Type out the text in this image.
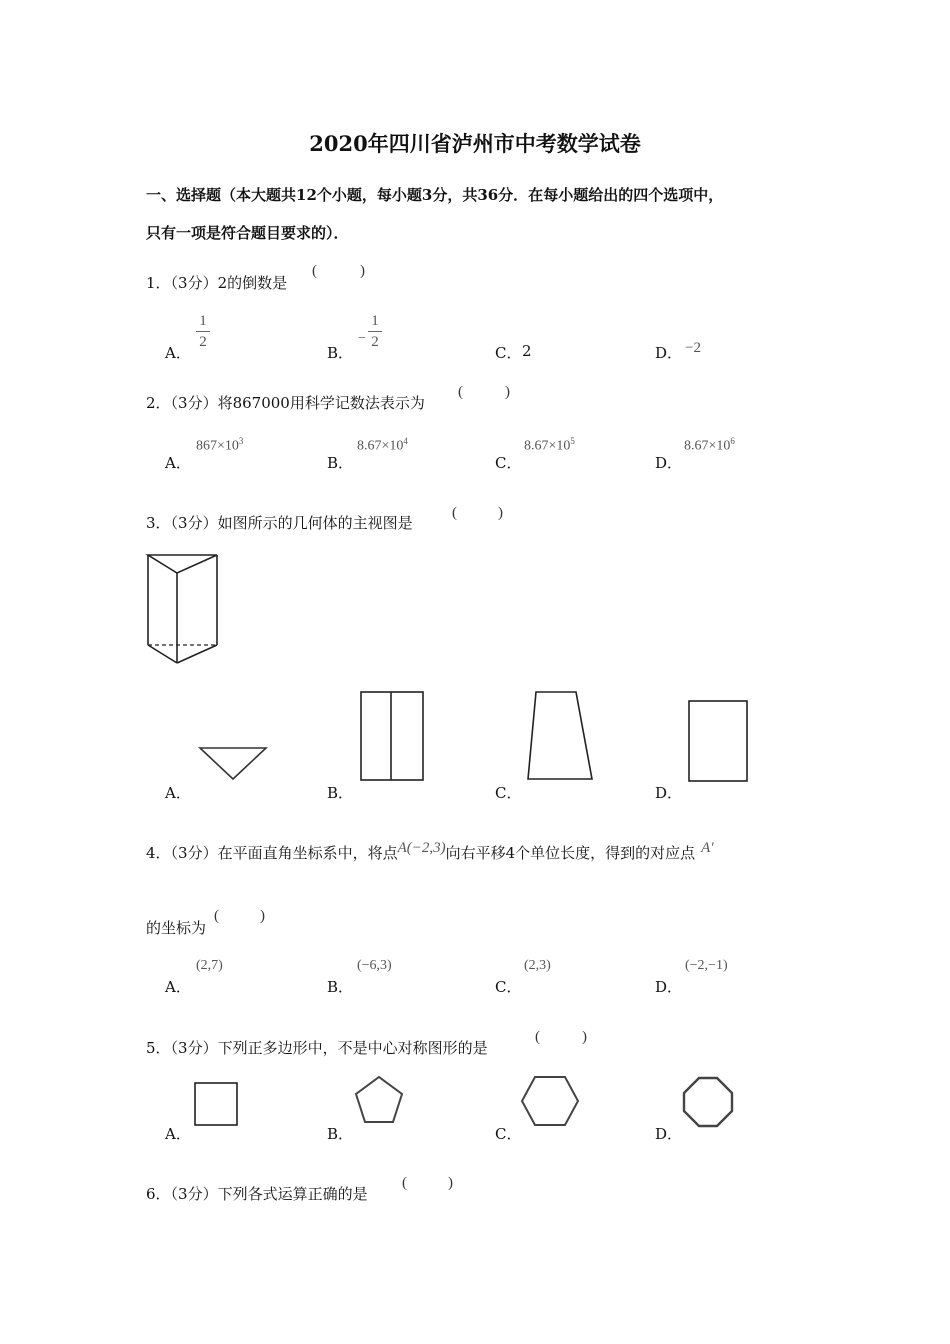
2020年四川省泸州市中考数学试卷
一、选择题（本大题共12个小题，每小题3分，共36分．在每小题给出的四个选项中，
只有一项是符合题目要求的）．
1．（3分）2的倒数是
(	)
A．
1
2
B．
−
1
2
C． 2	D． −2
2．（3分）将867000用科学记数法表示为
(	)
A．
$867\times 10^3$
B．
$8.67\times 10^4$
C．
$8.67\times 10^5$
D．
$8.67\times 10^6$
3．（3分）如图所示的几何体的主视图是
(	)
A．	B．	C．	D．
4．（3分）在平面直角坐标系中，将点A(−2,3)向右平移4个单位长度，得到的对应点 A′
的坐标为
(	)
A．
(2,7)
B．
(−6,3)
C．
(2,3)
D．
(−2,−1)
5．（3分）下列正多边形中，不是中心对称图形的是
(	)
A．	B．	C．	D．
6．（3分）下列各式运算正确的是
(	)
